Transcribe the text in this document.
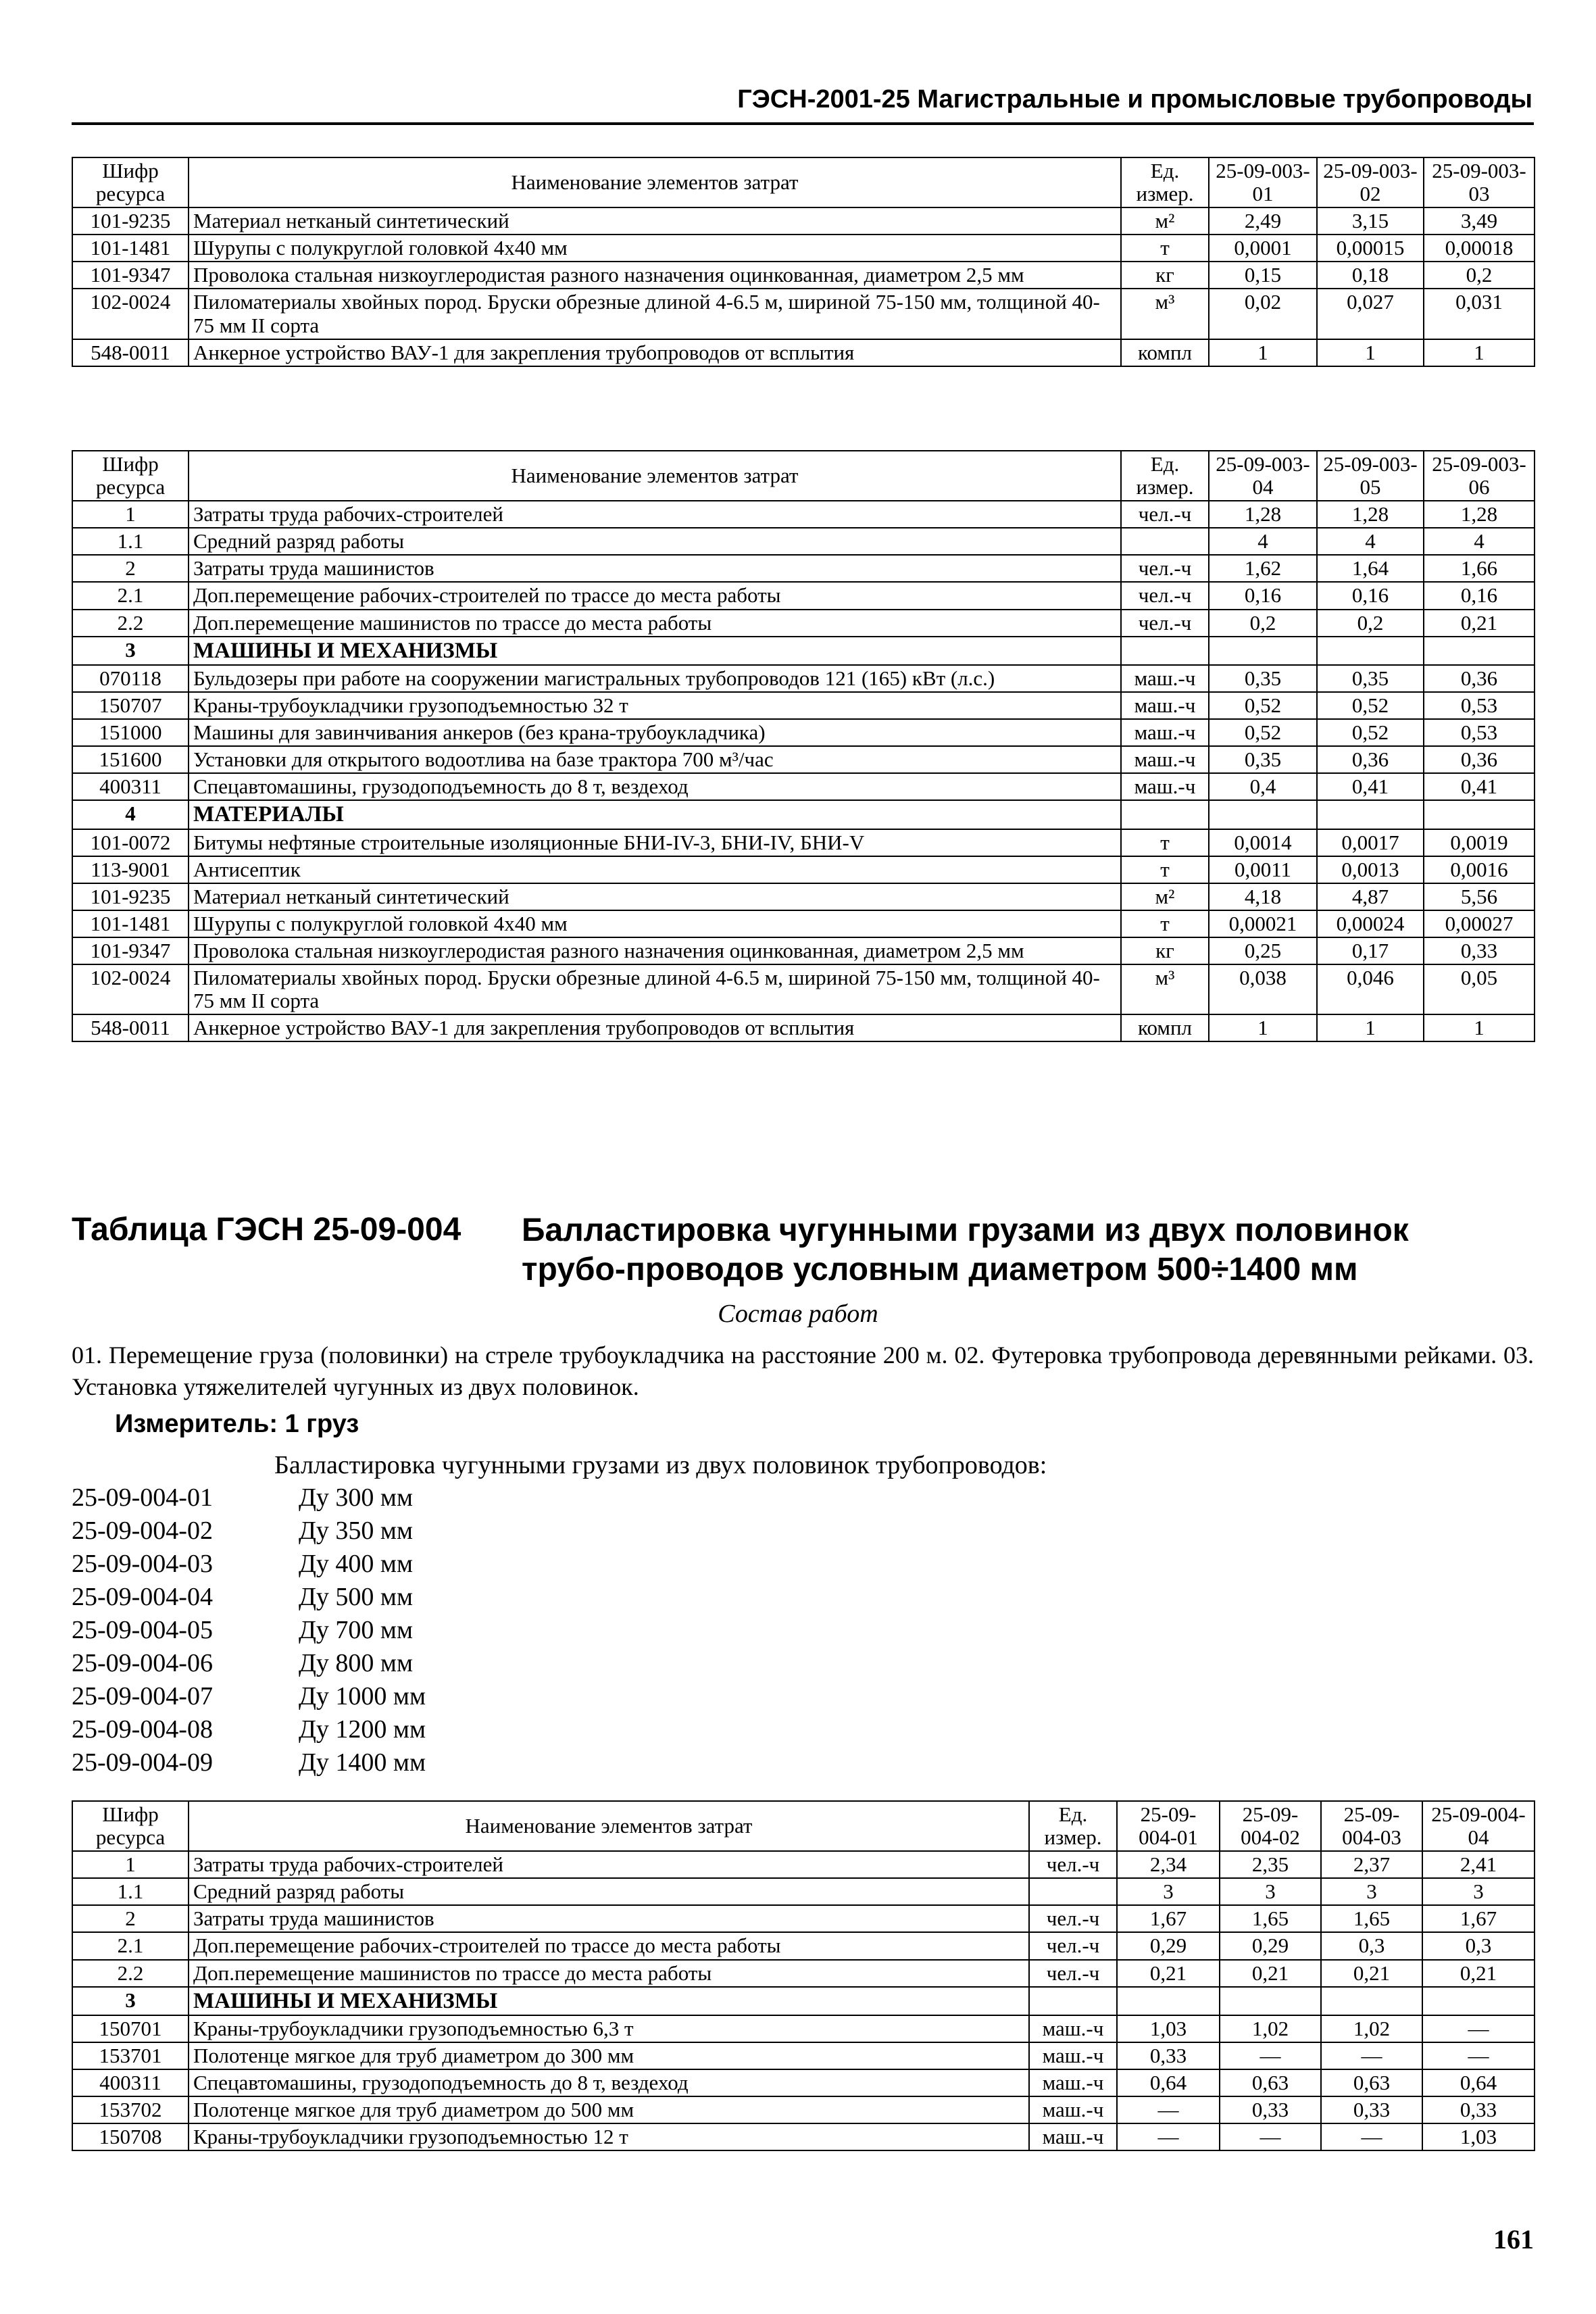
ГЭСН-2001-25 Магистральные и промысловые трубопроводы
Шифр ресурса	Наименование элементов затрат	Ед. измер.	25-09-003-01	25-09-003-02	25-09-003-03
101-9235	Материал нетканый синтетический	м²	2,49	3,15	3,49
101-1481	Шурупы с полукруглой головкой 4х40 мм	т	0,0001	0,00015	0,00018
101-9347	Проволока стальная низкоуглеродистая разного назначения оцинкованная, диаметром 2,5 мм	кг	0,15	0,18	0,2
102-0024	Пиломатериалы хвойных пород. Бруски обрезные длиной 4-6.5 м, шириной 75-150 мм, толщиной 40-75 мм II сорта	м³	0,02	0,027	0,031
548-0011	Анкерное устройство ВАУ-1 для закрепления трубопроводов от всплытия	компл	1	1	1
Шифр ресурса	Наименование элементов затрат	Ед. измер.	25-09-003-04	25-09-003-05	25-09-003-06
1	Затраты труда рабочих-строителей	чел.-ч	1,28	1,28	1,28
1.1	Средний разряд работы		4	4	4
2	Затраты труда машинистов	чел.-ч	1,62	1,64	1,66
2.1	Доп.перемещение рабочих-строителей по трассе до места работы	чел.-ч	0,16	0,16	0,16
2.2	Доп.перемещение машинистов по трассе до места работы	чел.-ч	0,2	0,2	0,21
3	МАШИНЫ И МЕХАНИЗМЫ				
070118	Бульдозеры при работе на сооружении магистральных трубопроводов 121 (165) кВт (л.с.)	маш.-ч	0,35	0,35	0,36
150707	Краны-трубоукладчики грузоподъемностью 32 т	маш.-ч	0,52	0,52	0,53
151000	Машины для завинчивания анкеров (без крана-трубоукладчика)	маш.-ч	0,52	0,52	0,53
151600	Установки для открытого водоотлива на базе трактора 700 м³/час	маш.-ч	0,35	0,36	0,36
400311	Спецавтомашины, грузодоподъемность до 8 т, вездеход	маш.-ч	0,4	0,41	0,41
4	МАТЕРИАЛЫ				
101-0072	Битумы нефтяные строительные изоляционные БНИ-IV-3, БНИ-IV, БНИ-V	т	0,0014	0,0017	0,0019
113-9001	Антисептик	т	0,0011	0,0013	0,0016
101-9235	Материал нетканый синтетический	м²	4,18	4,87	5,56
101-1481	Шурупы с полукруглой головкой 4х40 мм	т	0,00021	0,00024	0,00027
101-9347	Проволока стальная низкоуглеродистая разного назначения оцинкованная, диаметром 2,5 мм	кг	0,25	0,17	0,33
102-0024	Пиломатериалы хвойных пород. Бруски обрезные длиной 4-6.5 м, шириной 75-150 мм, толщиной 40-75 мм II сорта	м³	0,038	0,046	0,05
548-0011	Анкерное устройство ВАУ-1 для закрепления трубопроводов от всплытия	компл	1	1	1
Таблица ГЭСН 25-09-004 Балластировка чугунными грузами из двух половинок трубо-проводов условным диаметром 500÷1400 мм
Состав работ
01. Перемещение груза (половинки) на стреле трубоукладчика на расстояние 200 м. 02. Футеровка трубопровода деревянными рейками. 03. Установка утяжелителей чугунных из двух половинок.
Измеритель: 1 груз
Балластировка чугунными грузами из двух половинок трубопроводов:
25-09-004-01	Ду 300 мм
25-09-004-02	Ду 350 мм
25-09-004-03	Ду 400 мм
25-09-004-04	Ду 500 мм
25-09-004-05	Ду 700 мм
25-09-004-06	Ду 800 мм
25-09-004-07	Ду 1000 мм
25-09-004-08	Ду 1200 мм
25-09-004-09	Ду 1400 мм
Шифр ресурса	Наименование элементов затрат	Ед. измер.	25-09-004-01	25-09-004-02	25-09-004-03	25-09-004-04
1	Затраты труда рабочих-строителей	чел.-ч	2,34	2,35	2,37	2,41
1.1	Средний разряд работы		3	3	3	3
2	Затраты труда машинистов	чел.-ч	1,67	1,65	1,65	1,67
2.1	Доп.перемещение рабочих-строителей по трассе до места работы	чел.-ч	0,29	0,29	0,3	0,3
2.2	Доп.перемещение машинистов по трассе до места работы	чел.-ч	0,21	0,21	0,21	0,21
3	МАШИНЫ И МЕХАНИЗМЫ					
150701	Краны-трубоукладчики грузоподъемностью 6,3 т	маш.-ч	1,03	1,02	1,02	—
153701	Полотенце мягкое для труб диаметром до 300 мм	маш.-ч	0,33	—	—	—
400311	Спецавтомашины, грузодоподъемность до 8 т, вездеход	маш.-ч	0,64	0,63	0,63	0,64
153702	Полотенце мягкое для труб диаметром до 500 мм	маш.-ч	—	0,33	0,33	0,33
150708	Краны-трубоукладчики грузоподъемностью 12 т	маш.-ч	—	—	—	1,03
161
